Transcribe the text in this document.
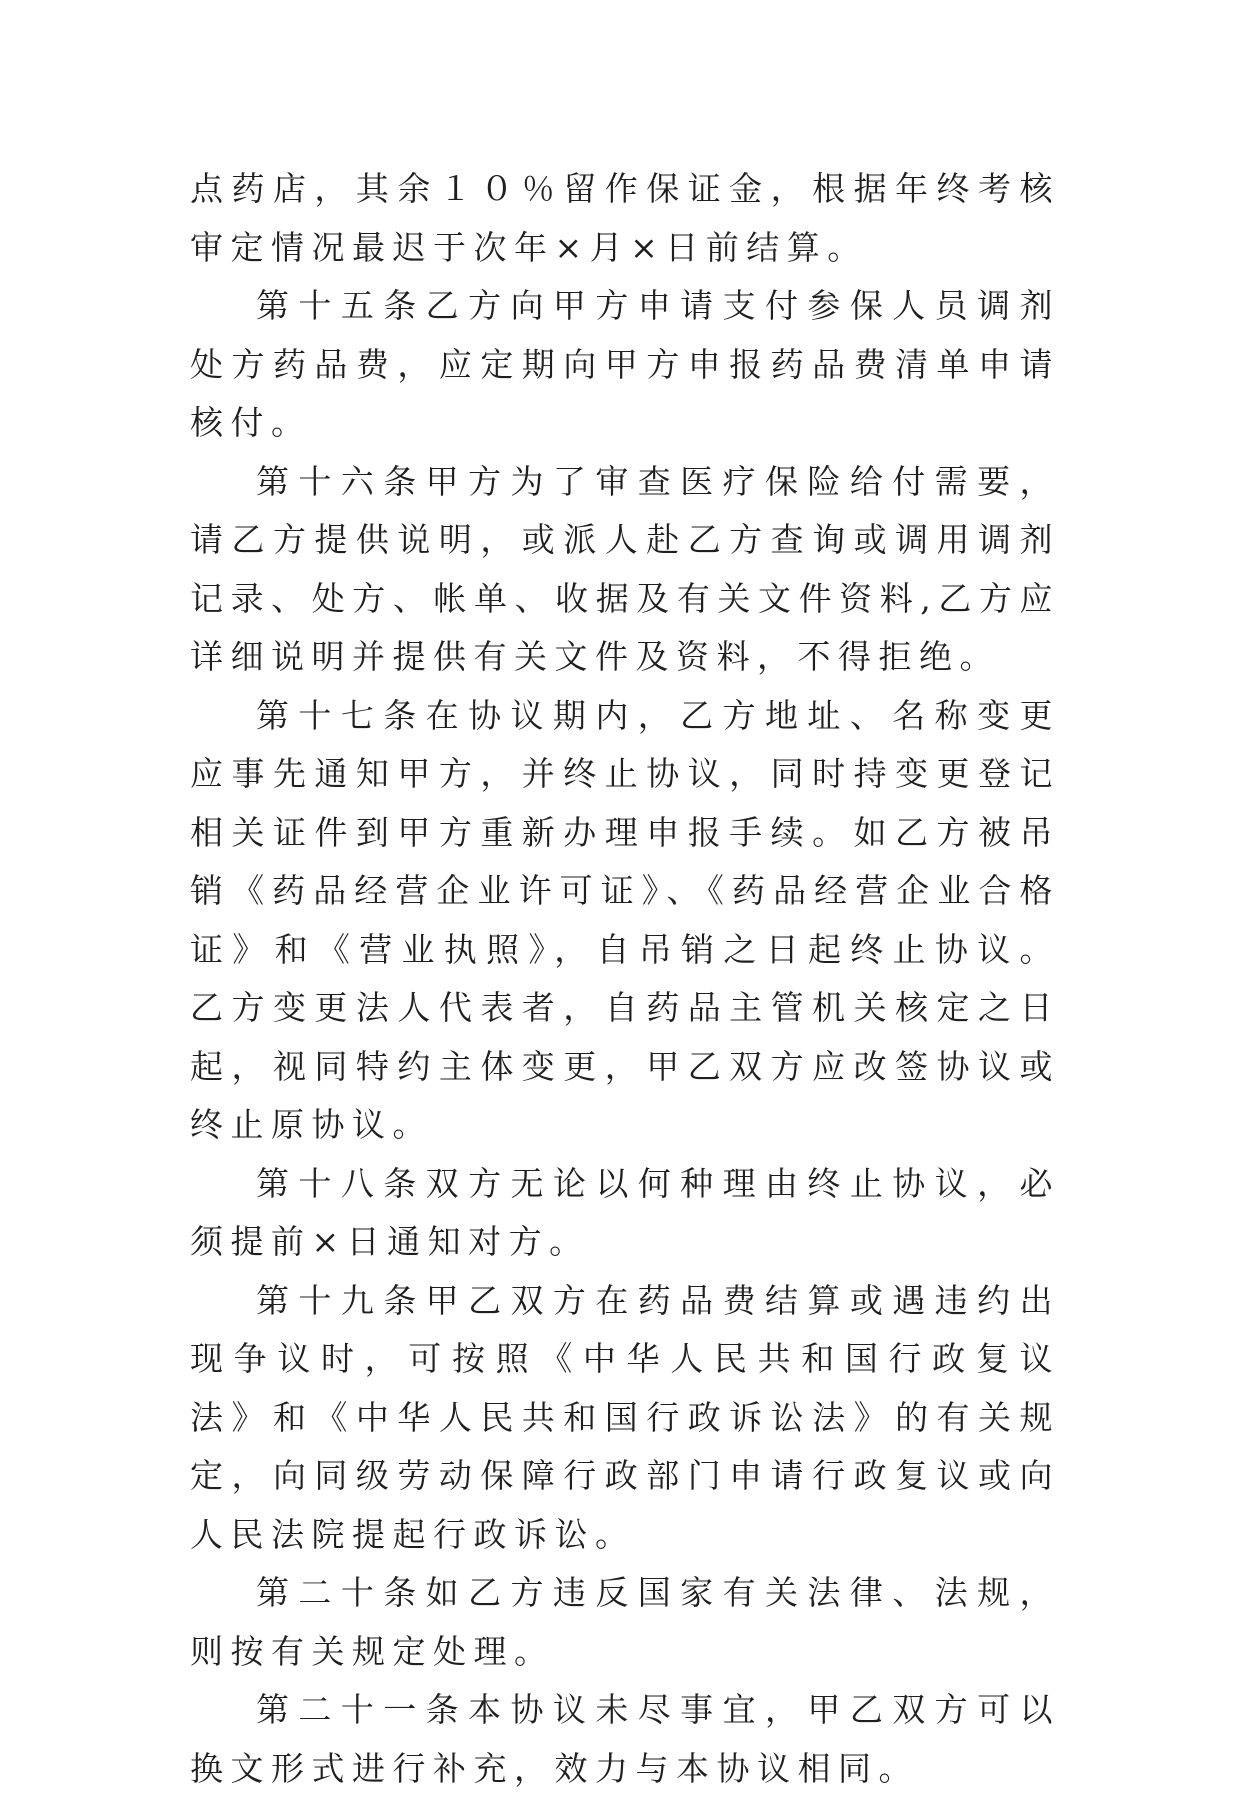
点药店，其余１０％留作保证金，根据年终考核审定情况最迟于次年×月×日前结算。

第十五条乙方向甲方申请支付参保人员调剂处方药品费，应定期向甲方申报药品费清单申请核付。

第十六条甲方为了审查医疗保险给付需要，请乙方提供说明，或派人赴乙方查询或调用调剂记录、处方、帐单、收据及有关文件资料,乙方应详细说明并提供有关文件及资料，不得拒绝。

第十七条在协议期内，乙方地址、名称变更应事先通知甲方，并终止协议，同时持变更登记相关证件到甲方重新办理申报手续。如乙方被吊销《药品经营企业许可证》、《药品经营企业合格证》和《营业执照》，自吊销之日起终止协议。乙方变更法人代表者，自药品主管机关核定之日起，视同特约主体变更，甲乙双方应改签协议或终止原协议。

第十八条双方无论以何种理由终止协议，必须提前×日通知对方。

第十九条甲乙双方在药品费结算或遇违约出现争议时，可按照《中华人民共和国行政复议法》和《中华人民共和国行政诉讼法》的有关规定，向同级劳动保障行政部门申请行政复议或向人民法院提起行政诉讼。

第二十条如乙方违反国家有关法律、法规，则按有关规定处理。

第二十一条本协议未尽事宜，甲乙双方可以换文形式进行补充，效力与本协议相同。
